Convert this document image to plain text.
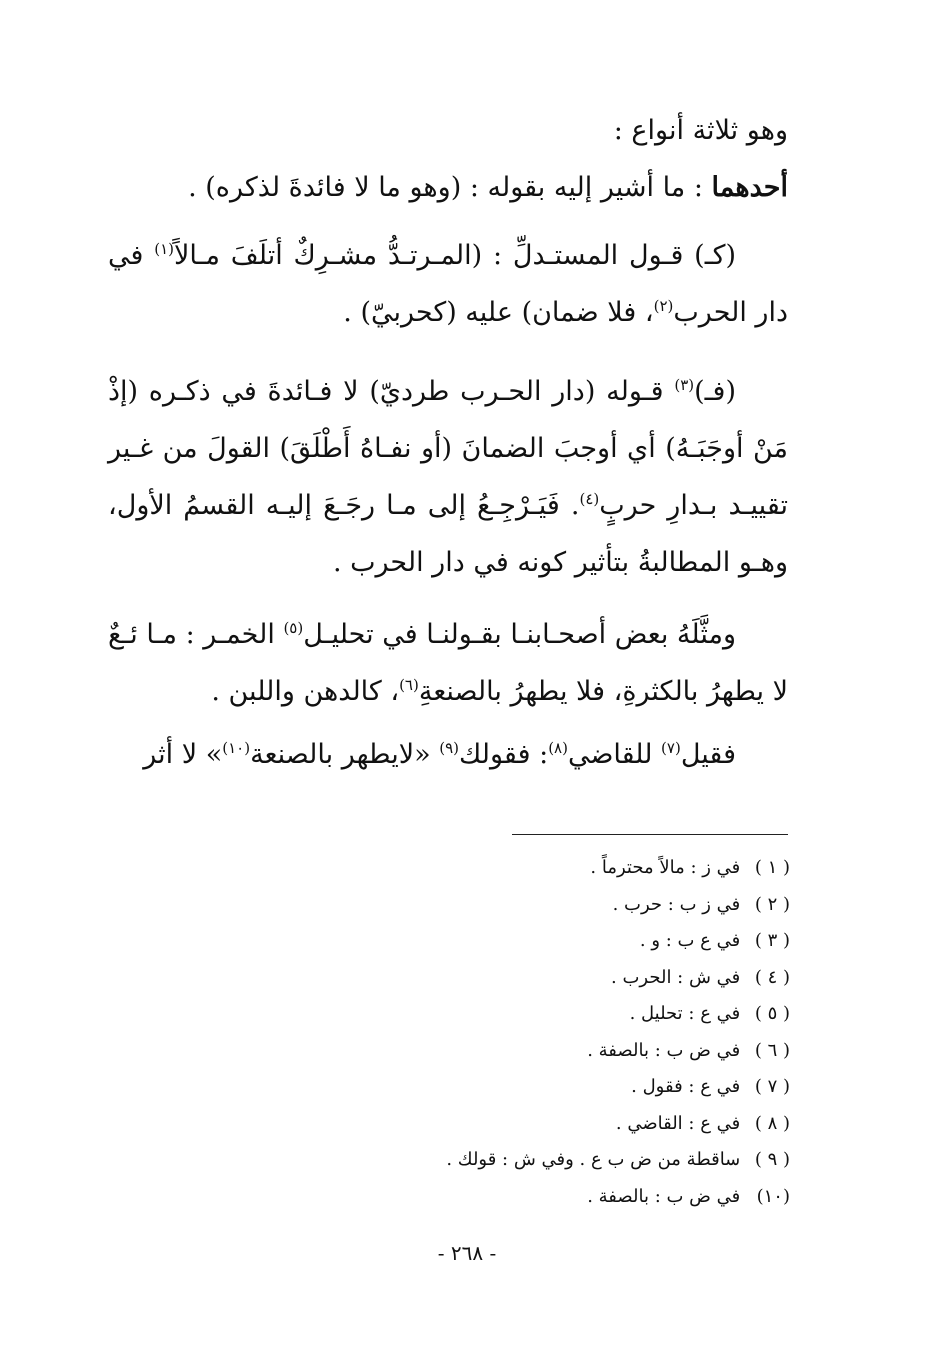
وهو ثلاثة أنواع :

أحدهما : ما أشير إليه بقوله : (وهو ما لا فائدةَ لذكره) .

(كـ) قـول المستـدلِّ : (المـرتـدُّ مشـرِكٌ أتلَفَ مـالاً$^{(١)}$ في دار الحرب$^{(٢)}$، فلا ضمان) عليه (كحربيّ) .

(فـ)$^{(٣)}$ قـوله (دار الحـرب طرديّ) لا فـائدةَ في ذكـره (إذْ مَنْ أوجَبَـهُ) أي أوجبَ الضمانَ (أو نفـاهُ أَطْلَقَ) القولَ من غـير تقييـد بـدارِ حربٍ$^{(٤)}$. فَيَـرْجِـعُ إلى مـا رجَـعَ إليـه القسمُ الأول، وهـو المطالبةُ بتأثير كونه في دار الحرب .

ومثَّلَهُ بعض أصحـابنـا بقـولنـا في تحليـل$^{(٥)}$ الخمـر : مـا ئـعٌ لا يطهرُ بالكثرةِ، فلا يطهرُ بالصنعةِ$^{(٦)}$، كالدهن واللبن .

فقيل$^{(٧)}$ للقاضي$^{(٨)}$: فقولك$^{(٩)}$ «لايطهر بالصنعة$^{(١٠)}$» لا أثر

( ١ ) في ز : مالاً محترماً .
( ٢ ) في ز ب : حرب .
( ٣ ) في ع ب : و .
( ٤ ) في ش : الحرب .
( ٥ ) في ع : تحليل .
( ٦ ) في ض ب : بالصفة .
( ٧ ) في ع : فقول .
( ٨ ) في ع : القاضي .
( ٩ ) ساقطة من ض ب ع . وفي ش : قولك .
(١٠) في ض ب : بالصفة .
- ٢٦٨ -
